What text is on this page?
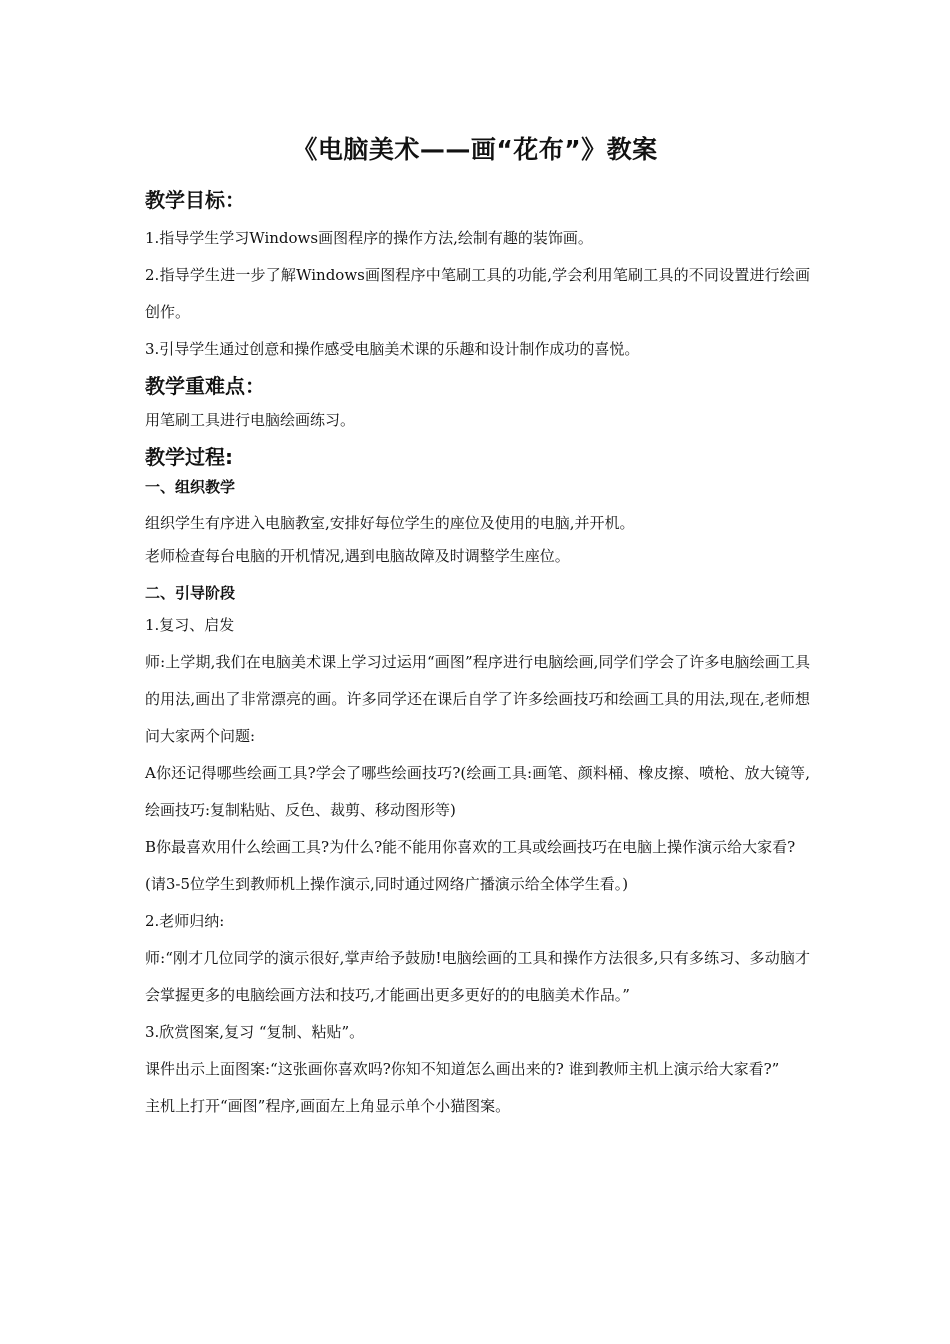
《电脑美术——画“花布”》教案
教学目标：
1.指导学生学习Windows画图程序的操作方法,绘制有趣的装饰画。
2.指导学生进一步了解Windows画图程序中笔刷工具的功能,学会利用笔刷工具的不同设置进行绘画创作。
3.引导学生通过创意和操作感受电脑美术课的乐趣和设计制作成功的喜悦。
教学重难点：
用笔刷工具进行电脑绘画练习。
教学过程:
一、组织教学
组织学生有序进入电脑教室,安排好每位学生的座位及使用的电脑,并开机。
老师检查每台电脑的开机情况,遇到电脑故障及时调整学生座位。
二、引导阶段
1.复习、启发
师:上学期,我们在电脑美术课上学习过运用“画图”程序进行电脑绘画,同学们学会了许多电脑绘画工具的用法,画出了非常漂亮的画。许多同学还在课后自学了许多绘画技巧和绘画工具的用法,现在,老师想问大家两个问题:
A你还记得哪些绘画工具?学会了哪些绘画技巧?(绘画工具:画笔、颜料桶、橡皮擦、喷枪、放大镜等,绘画技巧:复制粘贴、反色、裁剪、移动图形等)
B你最喜欢用什么绘画工具?为什么?能不能用你喜欢的工具或绘画技巧在电脑上操作演示给大家看?
(请3-5位学生到教师机上操作演示,同时通过网络广播演示给全体学生看。)
2.老师归纳:
师:“刚才几位同学的演示很好,掌声给予鼓励!电脑绘画的工具和操作方法很多,只有多练习、多动脑才会掌握更多的电脑绘画方法和技巧,才能画出更多更好的的电脑美术作品。”
3.欣赏图案,复习 “复制、粘贴”。
课件出示上面图案:“这张画你喜欢吗?你知不知道怎么画出来的? 谁到教师主机上演示给大家看?”
主机上打开“画图”程序,画面左上角显示单个小猫图案。
